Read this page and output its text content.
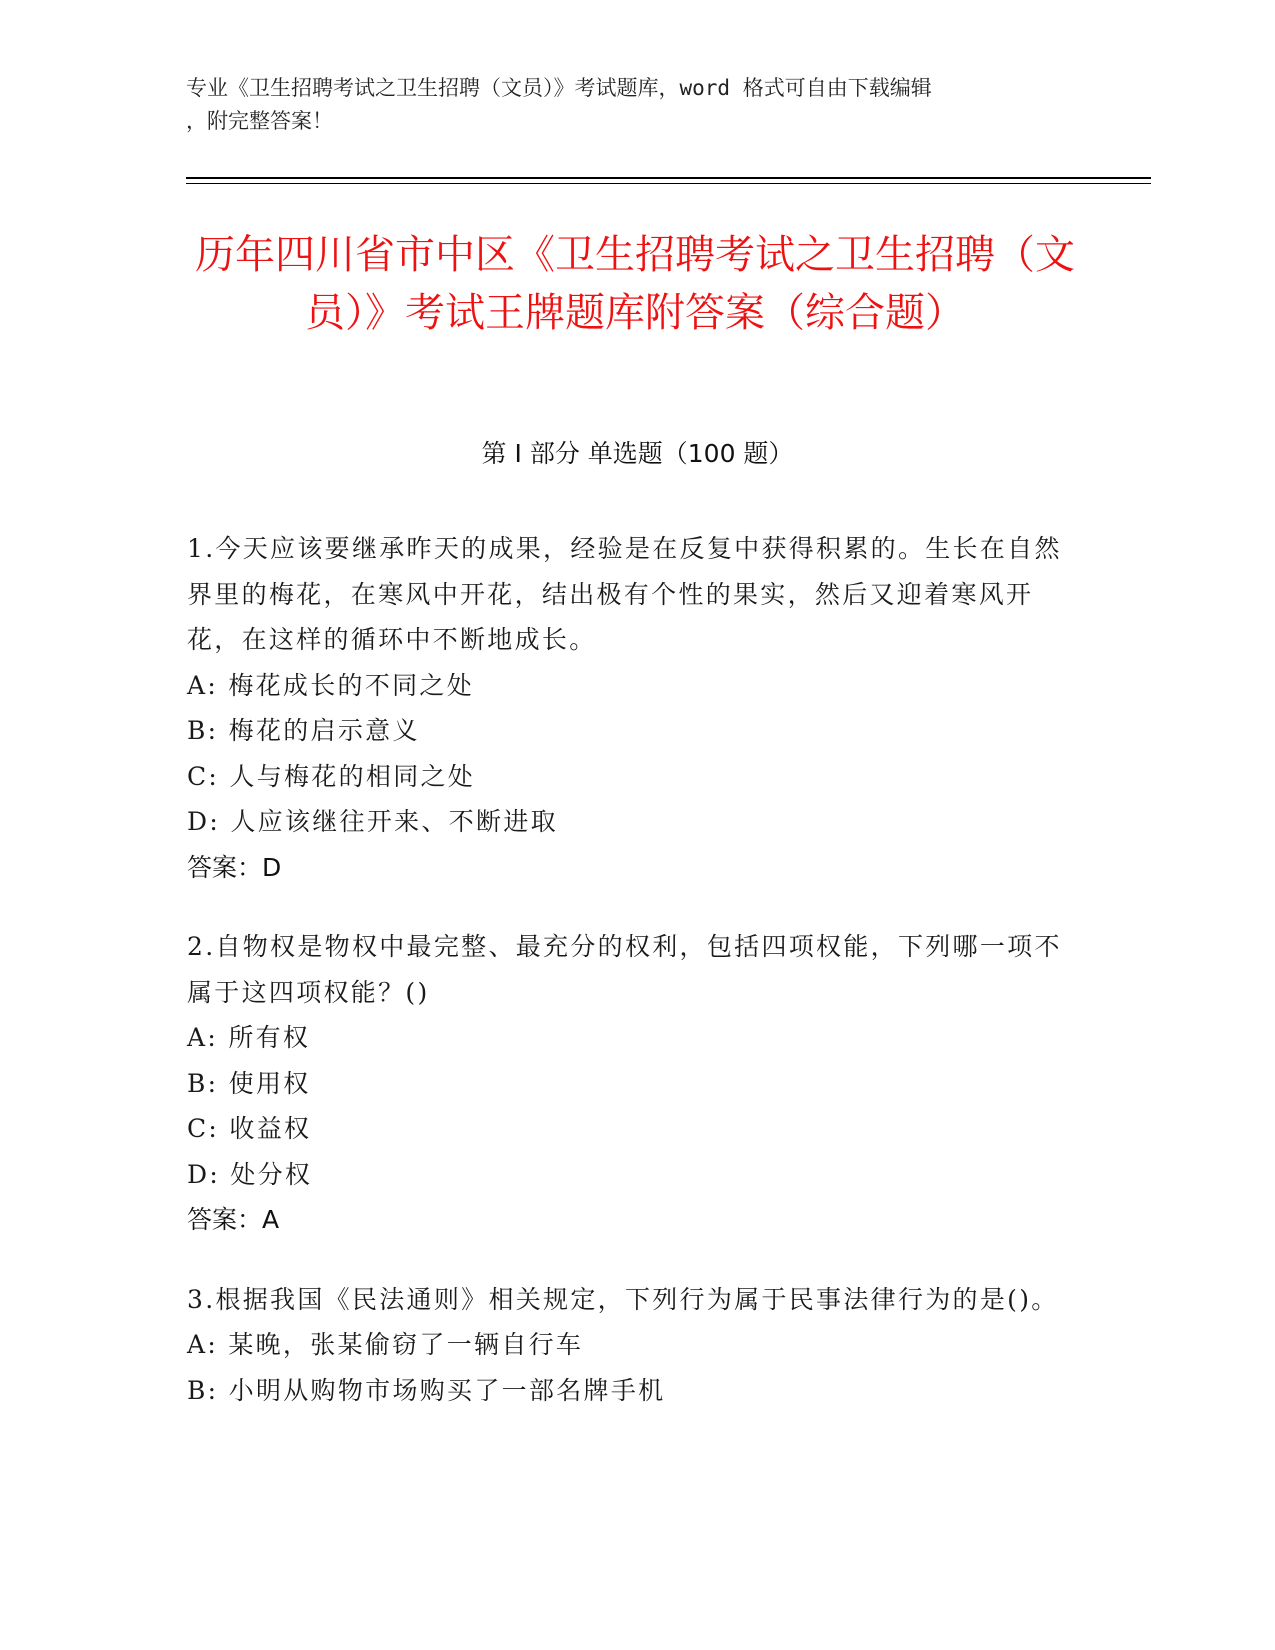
专业《卫生招聘考试之卫生招聘（文员）》考试题库，word 格式可自由下载编辑
，附完整答案！
历年四川省市中区《卫生招聘考试之卫生招聘（文员）》考试王牌题库附答案（综合题）
第 I 部分 单选题（100 题）

1.今天应该要继承昨天的成果，经验是在反复中获得积累的。生长在自然界里的梅花，在寒风中开花，结出极有个性的果实，然后又迎着寒风开花，在这样的循环中不断地成长。

A: 梅花成长的不同之处

B: 梅花的启示意义

C: 人与梅花的相同之处

D: 人应该继往开来、不断进取

答案：D

2.自物权是物权中最完整、最充分的权利，包括四项权能，下列哪一项不属于这四项权能？()

A: 所有权

B: 使用权

C: 收益权

D: 处分权

答案：A

3.根据我国《民法通则》相关规定，下列行为属于民事法律行为的是()。

A: 某晚，张某偷窃了一辆自行车

B: 小明从购物市场购买了一部名牌手机
